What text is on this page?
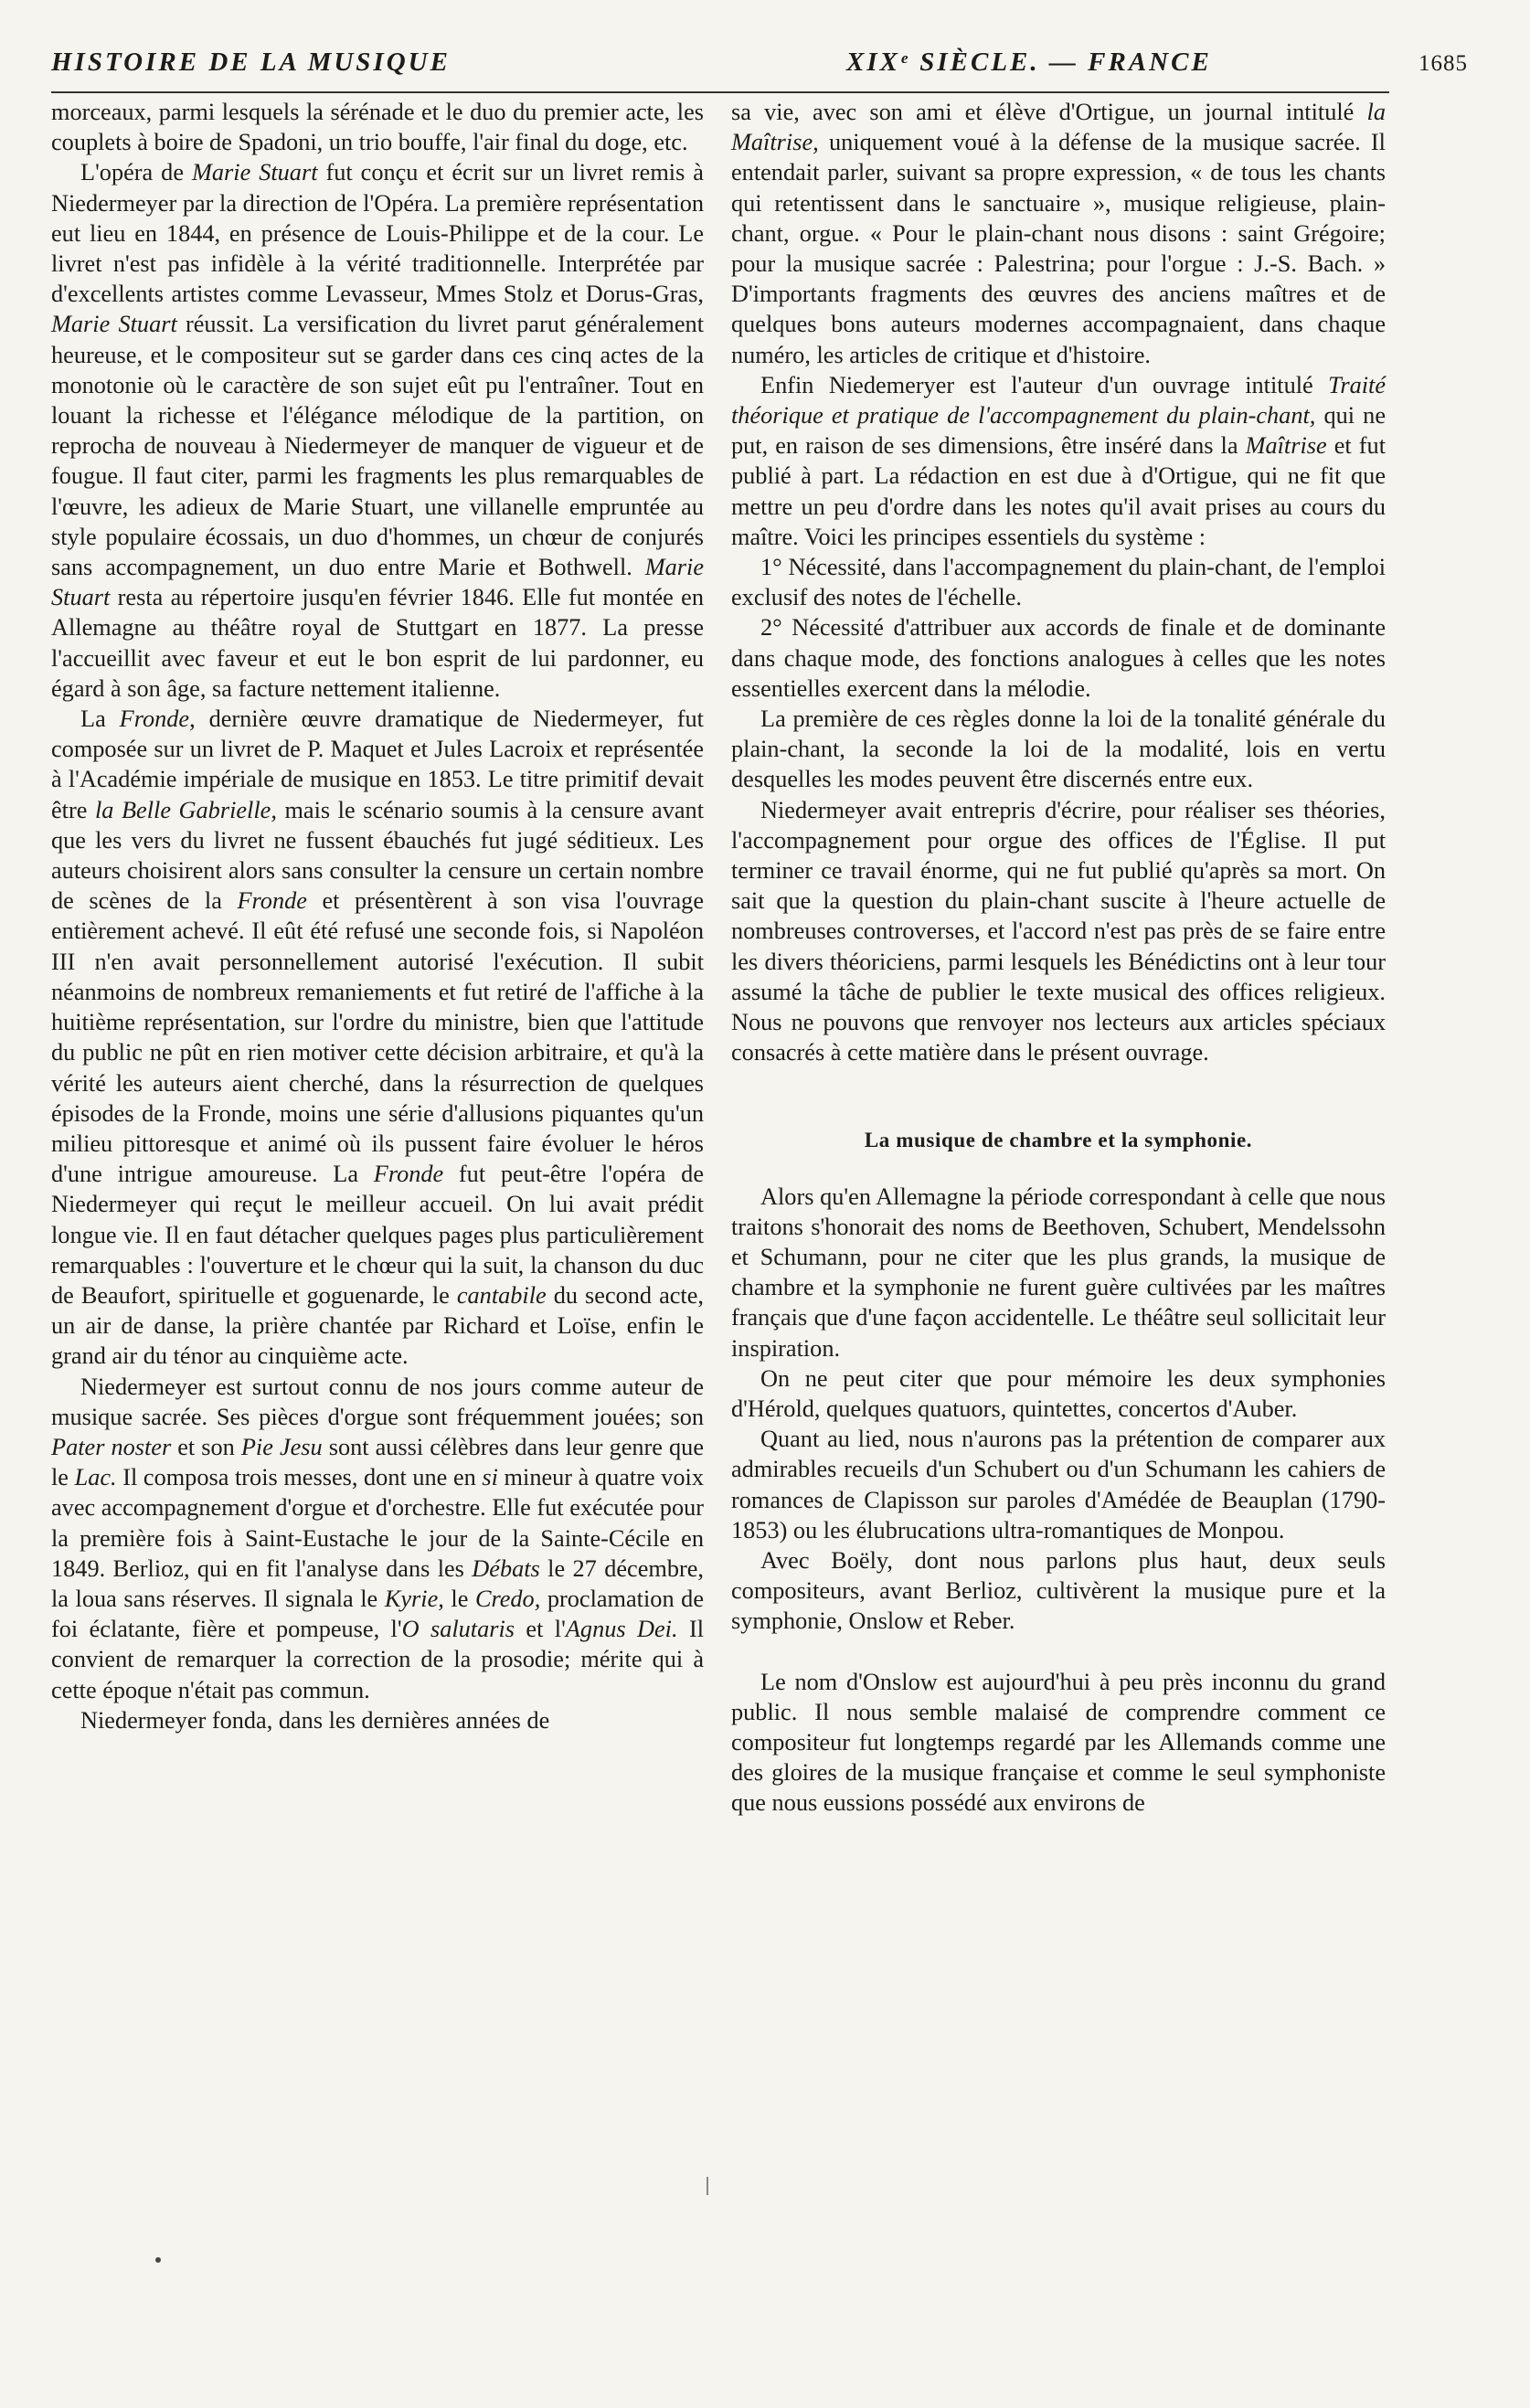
HISTOIRE DE LA MUSIQUE	XIXᵉ SIÈCLE. — FRANCE	1685

morceaux, parmi lesquels la sérénade et le duo du premier acte, les couplets à boire de Spadoni, un trio bouffe, l'air final du doge, etc.

L'opéra de Marie Stuart fut conçu et écrit sur un livret remis à Niedermeyer par la direction de l'Opéra. La première représentation eut lieu en 1844, en présence de Louis-Philippe et de la cour. Le livret n'est pas infidèle à la vérité traditionnelle. Interprétée par d'excellents artistes comme Levasseur, Mmes Stolz et Dorus-Gras, Marie Stuart réussit. La versification du livret parut généralement heureuse, et le compositeur sut se garder dans ces cinq actes de la monotonie où le caractère de son sujet eût pu l'entraîner. Tout en louant la richesse et l'élégance mélodique de la partition, on reprocha de nouveau à Niedermeyer de manquer de vigueur et de fougue. Il faut citer, parmi les fragments les plus remarquables de l'œuvre, les adieux de Marie Stuart, une villanelle empruntée au style populaire écossais, un duo d'hommes, un chœur de conjurés sans accompagnement, un duo entre Marie et Bothwell. Marie Stuart resta au répertoire jusqu'en février 1846. Elle fut montée en Allemagne au théâtre royal de Stuttgart en 1877. La presse l'accueillit avec faveur et eut le bon esprit de lui pardonner, eu égard à son âge, sa facture nettement italienne.

La Fronde, dernière œuvre dramatique de Niedermeyer, fut composée sur un livret de P. Maquet et Jules Lacroix et représentée à l'Académie impériale de musique en 1853. Le titre primitif devait être la Belle Gabrielle, mais le scénario soumis à la censure avant que les vers du livret ne fussent ébauchés fut jugé séditieux. Les auteurs choisirent alors sans consulter la censure un certain nombre de scènes de la Fronde et présentèrent à son visa l'ouvrage entièrement achevé. Il eût été refusé une seconde fois, si Napoléon III n'en avait personnellement autorisé l'exécution. Il subit néanmoins de nombreux remaniements et fut retiré de l'affiche à la huitième représentation, sur l'ordre du ministre, bien que l'attitude du public ne pût en rien motiver cette décision arbitraire, et qu'à la vérité les auteurs aient cherché, dans la résurrection de quelques épisodes de la Fronde, moins une série d'allusions piquantes qu'un milieu pittoresque et animé où ils pussent faire évoluer le héros d'une intrigue amoureuse. La Fronde fut peut-être l'opéra de Niedermeyer qui reçut le meilleur accueil. On lui avait prédit longue vie. Il en faut détacher quelques pages plus particulièrement remarquables : l'ouverture et le chœur qui la suit, la chanson du duc de Beaufort, spirituelle et goguenarde, le cantabile du second acte, un air de danse, la prière chantée par Richard et Loïse, enfin le grand air du ténor au cinquième acte.

Niedermeyer est surtout connu de nos jours comme auteur de musique sacrée. Ses pièces d'orgue sont fréquemment jouées; son Pater noster et son Pie Jesu sont aussi célèbres dans leur genre que le Lac. Il composa trois messes, dont une en si mineur à quatre voix avec accompagnement d'orgue et d'orchestre. Elle fut exécutée pour la première fois à Saint-Eustache le jour de la Sainte-Cécile en 1849. Berlioz, qui en fit l'analyse dans les Débats le 27 décembre, la loua sans réserves. Il signala le Kyrie, le Credo, proclamation de foi éclatante, fière et pompeuse, l'O salutaris et l'Agnus Dei. Il convient de remarquer la correction de la prosodie; mérite qui à cette époque n'était pas commun.

Niedermeyer fonda, dans les dernières années de

sa vie, avec son ami et élève d'Ortigue, un journal intitulé la Maîtrise, uniquement voué à la défense de la musique sacrée. Il entendait parler, suivant sa propre expression, « de tous les chants qui retentissent dans le sanctuaire », musique religieuse, plain-chant, orgue. « Pour le plain-chant nous disons : saint Grégoire; pour la musique sacrée : Palestrina; pour l'orgue : J.-S. Bach. » D'importants fragments des œuvres des anciens maîtres et de quelques bons auteurs modernes accompagnaient, dans chaque numéro, les articles de critique et d'histoire.

Enfin Niedemeryer est l'auteur d'un ouvrage intitulé Traité théorique et pratique de l'accompagnement du plain-chant, qui ne put, en raison de ses dimensions, être inséré dans la Maîtrise et fut publié à part. La rédaction en est due à d'Ortigue, qui ne fit que mettre un peu d'ordre dans les notes qu'il avait prises au cours du maître. Voici les principes essentiels du système :

1° Nécessité, dans l'accompagnement du plain-chant, de l'emploi exclusif des notes de l'échelle.

2° Nécessité d'attribuer aux accords de finale et de dominante dans chaque mode, des fonctions analogues à celles que les notes essentielles exercent dans la mélodie.

La première de ces règles donne la loi de la tonalité générale du plain-chant, la seconde la loi de la modalité, lois en vertu desquelles les modes peuvent être discernés entre eux.

Niedermeyer avait entrepris d'écrire, pour réaliser ses théories, l'accompagnement pour orgue des offices de l'Église. Il put terminer ce travail énorme, qui ne fut publié qu'après sa mort. On sait que la question du plain-chant suscite à l'heure actuelle de nombreuses controverses, et l'accord n'est pas près de se faire entre les divers théoriciens, parmi lesquels les Bénédictins ont à leur tour assumé la tâche de publier le texte musical des offices religieux. Nous ne pouvons que renvoyer nos lecteurs aux articles spéciaux consacrés à cette matière dans le présent ouvrage.

La musique de chambre et la symphonie.

Alors qu'en Allemagne la période correspondant à celle que nous traitons s'honorait des noms de Beethoven, Schubert, Mendelssohn et Schumann, pour ne citer que les plus grands, la musique de chambre et la symphonie ne furent guère cultivées par les maîtres français que d'une façon accidentelle. Le théâtre seul sollicitait leur inspiration.

On ne peut citer que pour mémoire les deux symphonies d'Hérold, quelques quatuors, quintettes, concertos d'Auber.

Quant au lied, nous n'aurons pas la prétention de comparer aux admirables recueils d'un Schubert ou d'un Schumann les cahiers de romances de Clapisson sur paroles d'Amédée de Beauplan (1790-1853) ou les élubrucations ultra-romantiques de Monpou.

Avec Boëly, dont nous parlons plus haut, deux seuls compositeurs, avant Berlioz, cultivèrent la musique pure et la symphonie, Onslow et Reber.

Le nom d'Onslow est aujourd'hui à peu près inconnu du grand public. Il nous semble malaisé de comprendre comment ce compositeur fut longtemps regardé par les Allemands comme une des gloires de la musique française et comme le seul symphoniste que nous eussions possédé aux environs de
